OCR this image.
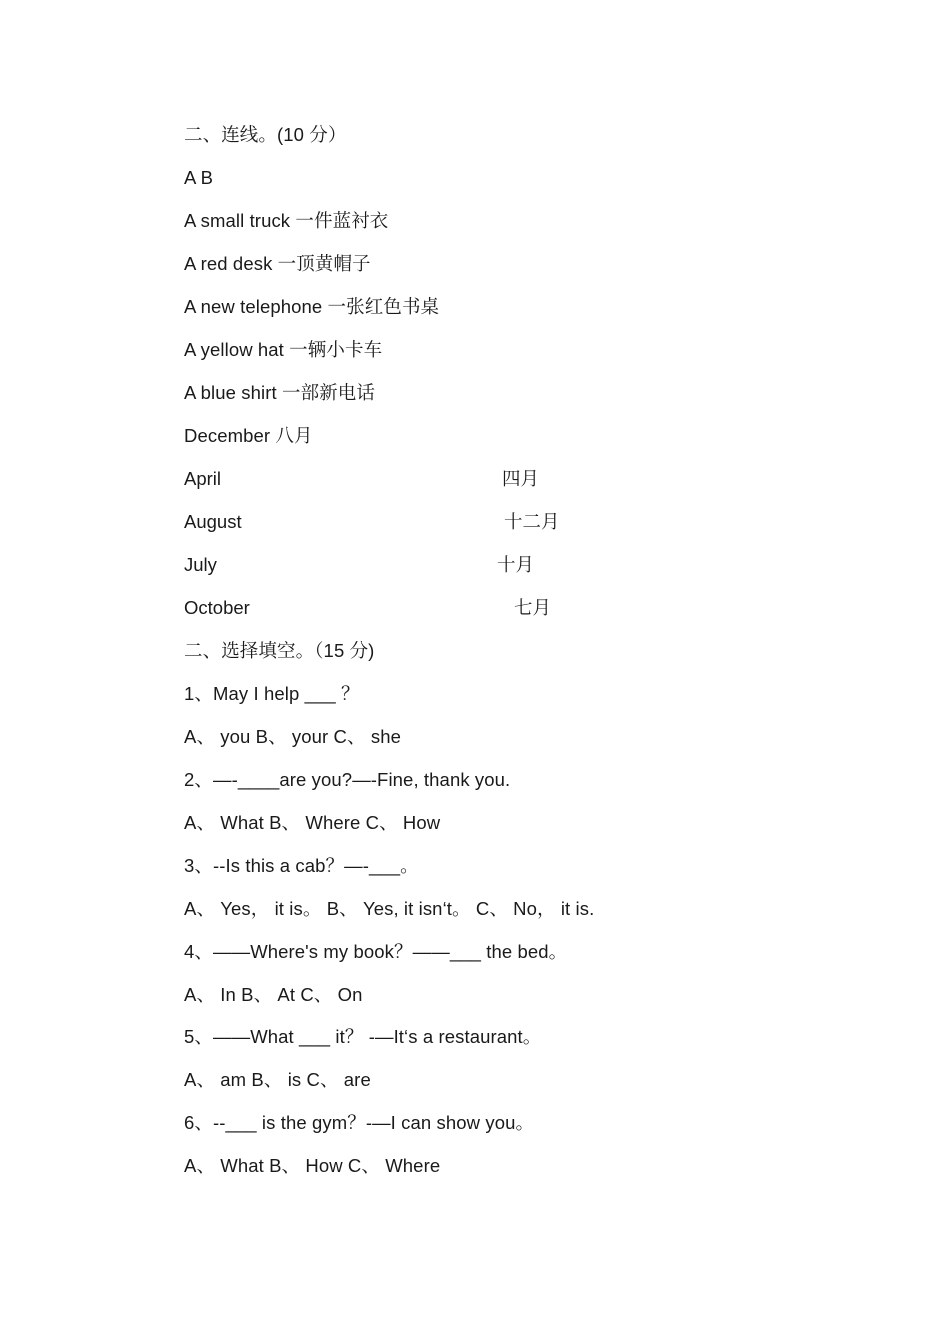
二、连线。(10 分）
A B
A small truck 一件蓝衬衣
A red desk 一顶黄帽子
A new telephone 一张红色书桌
A yellow hat 一辆小卡车
A blue shirt 一部新电话
December 八月
April	四月
August	十二月
July	十月
October	七月
二、选择填空。（15 分)
1、May I help ___ ？
A、 you B、 your C、 she
2、—-____are you?—-Fine, thank you.
A、 What B、 Where C、 How
3、--Is this a cab？—-___。
A、 Yes， it is。 B、 Yes, it isn‘t。 C、 No， it is.
4、——Where's my book？——___ the bed。
A、 In B、 At C、 On
5、——What ___ it？ -—It‘s a restaurant。
A、 am B、 is C、 are
6、--___ is the gym？-—I can show you。
A、 What B、 How C、 Where
